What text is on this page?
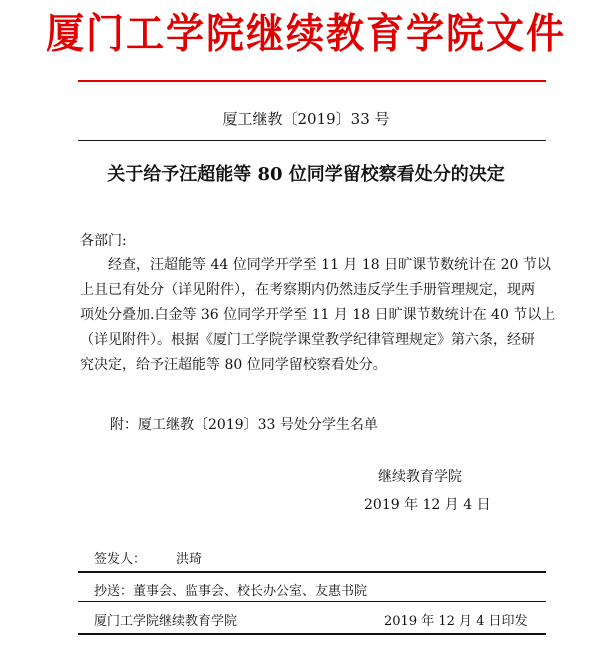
厦门工学院继续教育学院文件
厦工继教〔2019〕33 号
关于给予汪超能等 80 位同学留校察看处分的决定
各部门:
经查，汪超能等 44 位同学开学至 11 月 18 日旷课节数统计在 20 节以
上且已有处分（详见附件），在考察期内仍然违反学生手册管理规定，现两
项处分叠加.白金等 36 位同学开学至 11 月 18 日旷课节数统计在 40 节以上
（详见附件）。根据《厦门工学院学课堂教学纪律管理规定》第六条，经研
究决定，给予汪超能等 80 位同学留校察看处分。
附：厦工继教〔2019〕33 号处分学生名单
继续教育学院
2019 年 12 月 4 日
签发人： 洪琦
抄送：董事会、监事会、校长办公室、友惠书院
厦门工学院继续教育学院	2019 年 12 月 4 日印发
